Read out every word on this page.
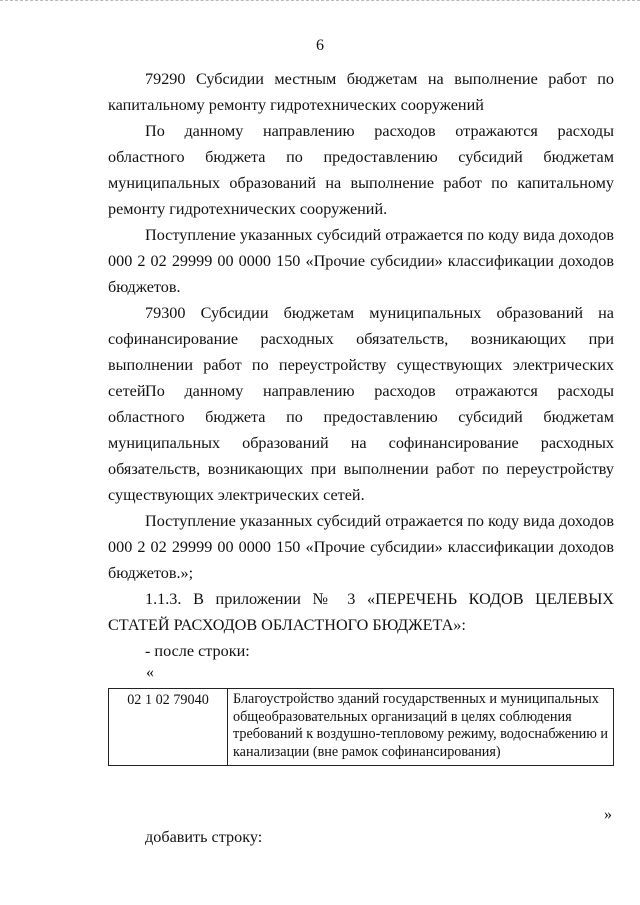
6

79290 Субсидии местным бюджетам на выполнение работ по капитальному ремонту гидротехнических сооружений

По данному направлению расходов отражаются расходы областного бюджета по предоставлению субсидий бюджетам муниципальных образований на выполнение работ по капитальному ремонту гидротехнических сооружений.

Поступление указанных субсидий отражается по коду вида доходов 000 2 02 29999 00 0000 150 «Прочие субсидии» классификации доходов бюджетов.

79300 Субсидии бюджетам муниципальных образований на софинансирование расходных обязательств, возникающих при выполнении работ по переустройству существующих электрических сетей По данному направлению расходов отражаются расходы областного бюджета по предоставлению субсидий бюджетам муниципальных образований на софинансирование расходных обязательств, возникающих при выполнении работ по переустройству существующих электрических сетей.

Поступление указанных субсидий отражается по коду вида доходов 000 2 02 29999 00 0000 150 «Прочие субсидии» классификации доходов бюджетов.»;

1.1.3. В приложении № 3 «ПЕРЕЧЕНЬ КОДОВ ЦЕЛЕВЫХ СТАТЕЙ РАСХОДОВ ОБЛАСТНОГО БЮДЖЕТА»:

- после строки:

«
02 1 02 79040	Благоустройство зданий государственных и муниципальных общеобразовательных организаций в целях соблюдения требований к воздушно-тепловому режиму, водоснабжению и канализации (вне рамок софинансирования)
»

добавить строку:
